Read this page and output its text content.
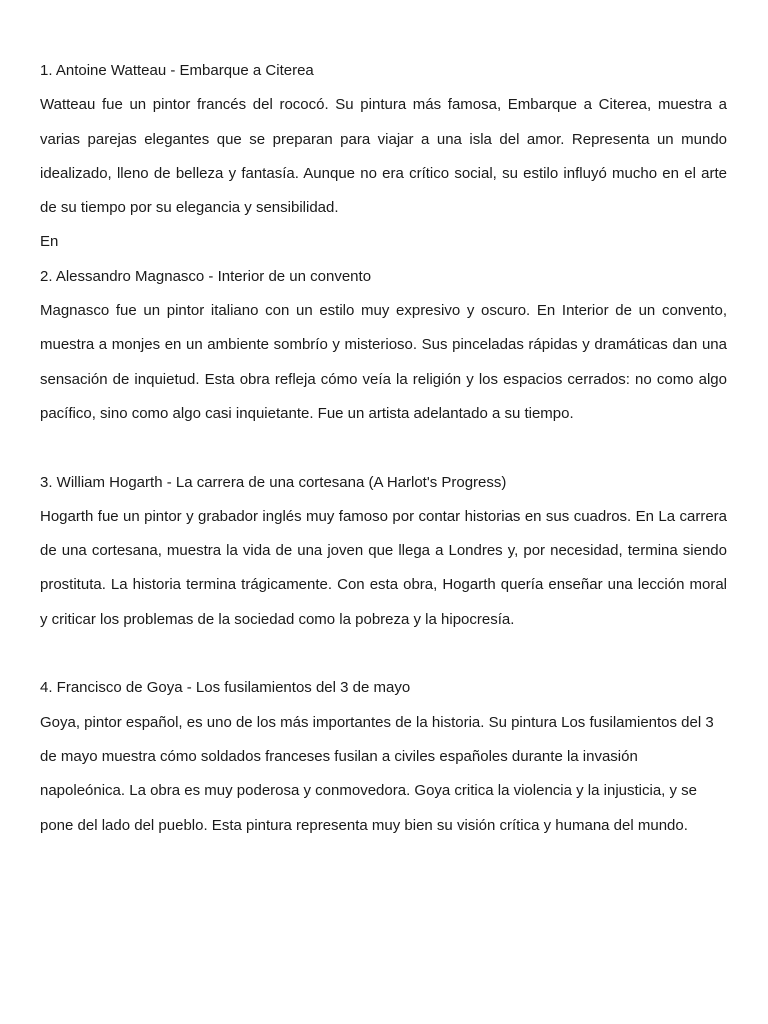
1. Antoine Watteau - Embarque a Citerea

Watteau fue un pintor francés del rococó. Su pintura más famosa, Embarque a Citerea, muestra a varias parejas elegantes que se preparan para viajar a una isla del amor. Representa un mundo idealizado, lleno de belleza y fantasía. Aunque no era crítico social, su estilo influyó mucho en el arte de su tiempo por su elegancia y sensibilidad.

En

2. Alessandro Magnasco - Interior de un convento

Magnasco fue un pintor italiano con un estilo muy expresivo y oscuro. En Interior de un convento, muestra a monjes en un ambiente sombrío y misterioso. Sus pinceladas rápidas y dramáticas dan una sensación de inquietud. Esta obra refleja cómo veía la religión y los espacios cerrados: no como algo pacífico, sino como algo casi inquietante. Fue un artista adelantado a su tiempo.

3. William Hogarth - La carrera de una cortesana (A Harlot's Progress)

Hogarth fue un pintor y grabador inglés muy famoso por contar historias en sus cuadros. En La carrera de una cortesana, muestra la vida de una joven que llega a Londres y, por necesidad, termina siendo prostituta. La historia termina trágicamente. Con esta obra, Hogarth quería enseñar una lección moral y criticar los problemas de la sociedad como la pobreza y la hipocresía.

4. Francisco de Goya - Los fusilamientos del 3 de mayo

Goya, pintor español, es uno de los más importantes de la historia. Su pintura Los fusilamientos del 3 de mayo muestra cómo soldados franceses fusilan a civiles españoles durante la invasión napoleónica. La obra es muy poderosa y conmovedora. Goya critica la violencia y la injusticia, y se pone del lado del pueblo. Esta pintura representa muy bien su visión crítica y humana del mundo.
